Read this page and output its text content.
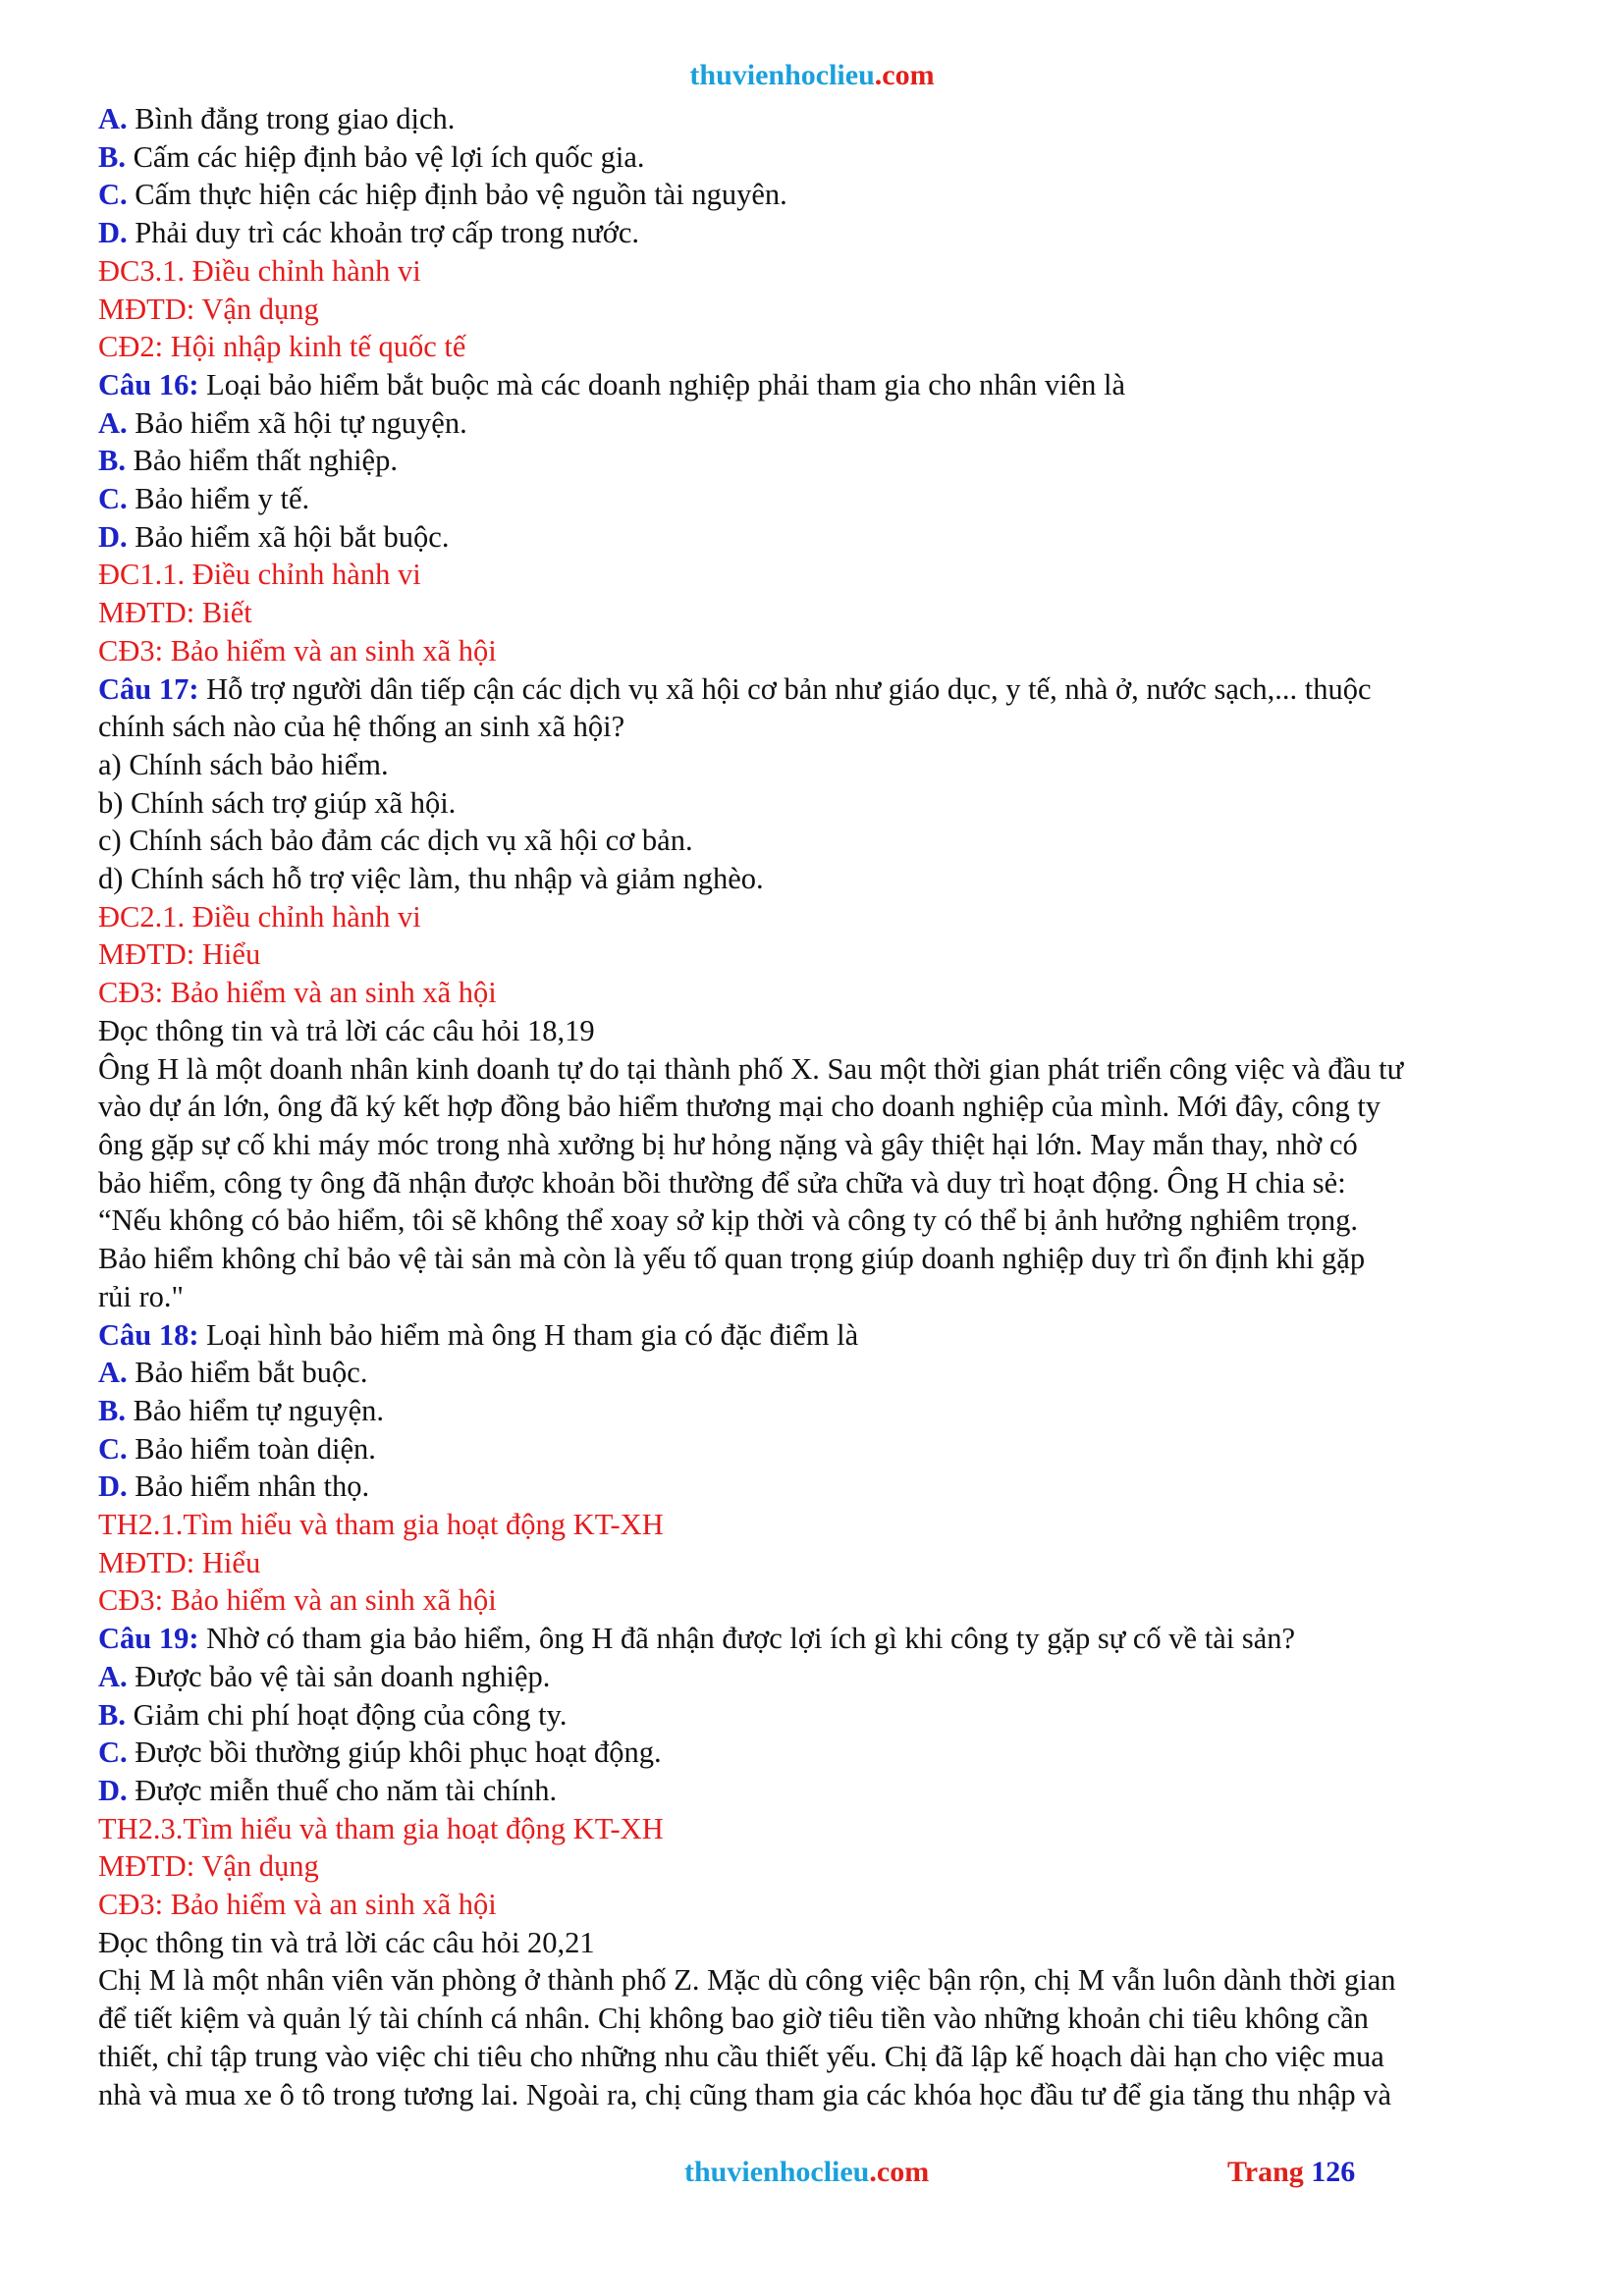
thuvienhoclieu.com
A. Bình đẳng trong giao dịch.
B. Cấm các hiệp định bảo vệ lợi ích quốc gia.
C. Cấm thực hiện các hiệp định bảo vệ nguồn tài nguyên.
D. Phải duy trì các khoản trợ cấp trong nước.
ĐC3.1. Điều chỉnh hành vi
MĐTD: Vận dụng
CĐ2: Hội nhập kinh tế quốc tế
Câu 16: Loại bảo hiểm bắt buộc mà các doanh nghiệp phải tham gia cho nhân viên là
A. Bảo hiểm xã hội tự nguyện.
B. Bảo hiểm thất nghiệp.
C. Bảo hiểm y tế.
D. Bảo hiểm xã hội bắt buộc.
ĐC1.1. Điều chỉnh hành vi
MĐTD: Biết
CĐ3: Bảo hiểm và an sinh xã hội
Câu 17: Hỗ trợ người dân tiếp cận các dịch vụ xã hội cơ bản như giáo dục, y tế, nhà ở, nước sạch,... thuộc
chính sách nào của hệ thống an sinh xã hội?
a) Chính sách bảo hiểm.
b) Chính sách trợ giúp xã hội.
c) Chính sách bảo đảm các dịch vụ xã hội cơ bản.
d) Chính sách hỗ trợ việc làm, thu nhập và giảm nghèo.
ĐC2.1. Điều chỉnh hành vi
MĐTD: Hiểu
CĐ3: Bảo hiểm và an sinh xã hội
Đọc thông tin và trả lời các câu hỏi 18,19
Ông H là một doanh nhân kinh doanh tự do tại thành phố X. Sau một thời gian phát triển công việc và đầu tư
vào dự án lớn, ông đã ký kết hợp đồng bảo hiểm thương mại cho doanh nghiệp của mình. Mới đây, công ty
ông gặp sự cố khi máy móc trong nhà xưởng bị hư hỏng nặng và gây thiệt hại lớn. May mắn thay, nhờ có
bảo hiểm, công ty ông đã nhận được khoản bồi thường để sửa chữa và duy trì hoạt động. Ông H chia sẻ:
“Nếu không có bảo hiểm, tôi sẽ không thể xoay sở kịp thời và công ty có thể bị ảnh hưởng nghiêm trọng.
Bảo hiểm không chỉ bảo vệ tài sản mà còn là yếu tố quan trọng giúp doanh nghiệp duy trì ổn định khi gặp
rủi ro."
Câu 18: Loại hình bảo hiểm mà ông H tham gia có đặc điểm là
A. Bảo hiểm bắt buộc.
B. Bảo hiểm tự nguyện.
C. Bảo hiểm toàn diện.
D. Bảo hiểm nhân thọ.
TH2.1.Tìm hiểu và tham gia hoạt động KT-XH
MĐTD: Hiểu
CĐ3: Bảo hiểm và an sinh xã hội
Câu 19: Nhờ có tham gia bảo hiểm, ông H đã nhận được lợi ích gì khi công ty gặp sự cố về tài sản?
A. Được bảo vệ tài sản doanh nghiệp.
B. Giảm chi phí hoạt động của công ty.
C. Được bồi thường giúp khôi phục hoạt động.
D. Được miễn thuế cho năm tài chính.
TH2.3.Tìm hiểu và tham gia hoạt động KT-XH
MĐTD: Vận dụng
CĐ3: Bảo hiểm và an sinh xã hội
Đọc thông tin và trả lời các câu hỏi 20,21
Chị M là một nhân viên văn phòng ở thành phố Z. Mặc dù công việc bận rộn, chị M vẫn luôn dành thời gian
để tiết kiệm và quản lý tài chính cá nhân. Chị không bao giờ tiêu tiền vào những khoản chi tiêu không cần
thiết, chỉ tập trung vào việc chi tiêu cho những nhu cầu thiết yếu. Chị đã lập kế hoạch dài hạn cho việc mua
nhà và mua xe ô tô trong tương lai. Ngoài ra, chị cũng tham gia các khóa học đầu tư để gia tăng thu nhập và
thuvienhoclieu.com	Trang 126
